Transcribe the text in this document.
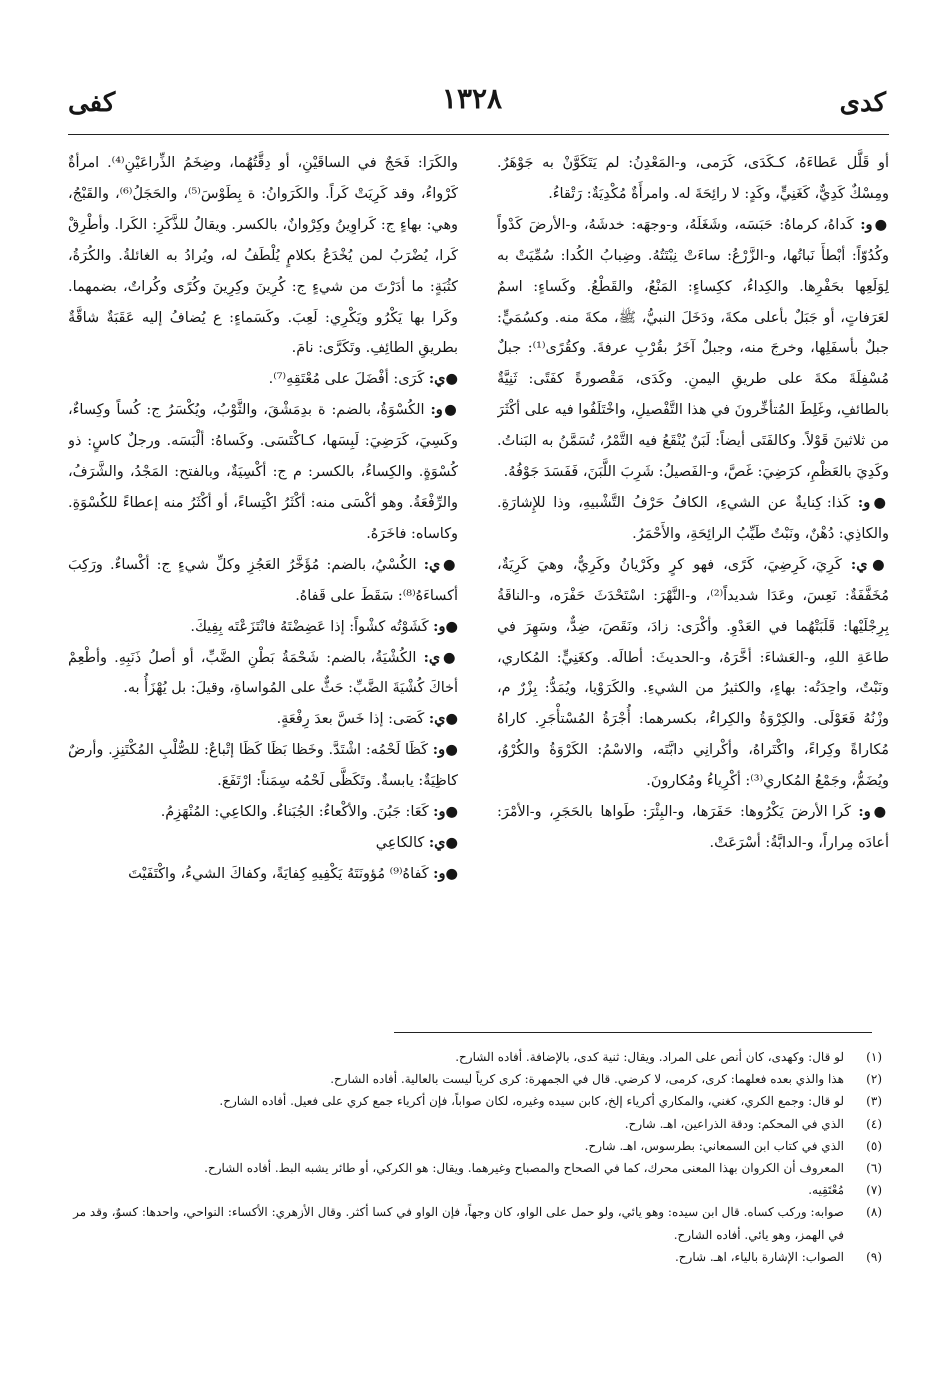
كدى
١٣٢٨
كفى

أو قَلَّل عَطاءَهُ، كـكَدَى، كَرَمى، و-المَعْدِنُ: لم يَتَكَوَّنْ به جَوْهَرٌ. ومِسْكٌ كَدِيٌّ، كَغَنِيٍّ، وكَدٍ: لا رائِحَةَ له. وامرأَةٌ مُكْدِيَةٌ: رَتْقاءُ.

●و: كَداهُ، كرماهُ: حَبَسَه، وشَغَلَهُ، و-وجهَه: خدشَهُ، و-الأرضَ كَدْواً وكُدُوّاً: أبْطأَ نَباتُها، و-الزَّرْعُ: ساءَتْ نِبْتَتُهُ. وضِبابُ الكُدا: سُمِّيَتْ به لِوَلَعِها بحَفْرِها. والكِداءُ، ككِساءٍ: المَنْعُ، والقَطْعُ. وكَساءٍ: اسمٌ لعَرَفاتٍ، أو جَبَلٌ بأعلى مكةَ، ودَخَلَ النبيُّ، ﷺ، مكةَ منه. وكسُمَيٍّ: جبلٌ بأسفَلِها، وخرجَ منه، وجبلٌ آخَرُ بقُرْبِ عرفةَ. وكقُرًى⁽¹⁾: جبلٌ مُسْفِلَةَ مكةَ على طريقِ اليمنِ. وكَدَى، مَقْصورةً كفَتًى: ثَنِيَّةٌ بالطائفِ، وغَلِطَ المُتأخِّرونَ في هذا التَّفْصيلِ، واخْتَلَفُوا فيه على أكْثَرَ من ثلاثينَ قَوْلاً. وكالفَتَى أيضاً: لَبَنٌ يُنْقَعُ فيه التَّمْرُ، تُسَمَّنُ به البَناتُ. وكَدِيَ بالعَظْمِ، كرَضِيَ: غَصَّ، و-الفَصيلُ: شَرِبَ اللَّبَنَ، فَفَسَدَ جَوْفُهُ.

●و: كَذا: كِنايةٌ عن الشيءِ، الكافُ حَرْفُ التَّشْبيهِ، وذا للإِشارَةِ. والكاذِي: دُهْنٌ، ونَبْتٌ طَيِّبُ الرائِحَةِ، والأَحْمَرُ.

●ي: كَرِيَ، كَرِضِيَ، كَرًى، فهو كرٍ وكَرْيانُ وكَرِيٌّ، وهيَ كَرِيَةٌ، مُخَفَّفَةٌ: نَعِسَ، وعَدَا شديداً⁽²⁾، و-النَّهْرَ: اسْتَحْدَثَ حَفْرَه، و-الناقَةُ بِرِجْلَيْها: قَلَبَتْهُما في العَدْوِ. وأكْرَى: زادَ، ونَقَصَ، ضِدٌّ، وسَهِرَ في طاعَةِ اللهِ، و-العَشاءَ: أخَّرَهُ، و-الحديثَ: أطالَه. وكغَنِيٍّ: المُكاري، ونَبْتٌ، واحِدَتُه: بهاءٍ، والكثيرُ من الشيءِ. والكَرَوْيا، ويُمَدُّ: بِزْرٌ م، وزْنُهُ فَعَوْلَى. والكِرْوَةُ والكِراءُ، بكسرهما: أُجْرَةُ المُسْتأْجَرِ. كاراهُ مُكاراةً وكِراءً، واكْتَراهُ، وأكْرانِي دابَّتَه، والاسْمُ: الكَرْوَةُ والكُرْوُ، ويُضَمُّ، وجَمْعُ المُكاري⁽³⁾: أكْرِياءُ ومُكارونَ.

●و: كَرا الأرضَ يَكْرُوها: حَفَرَها، و-البِئْرَ: طَواها بالحَجَرِ، و-الأمْرَ: أعادَه مِراراً، و-الدابَّةُ: أسْرَعَتْ.

والكَرَا: فَحَجٌ في الساقَيْنِ، أو دِقَّتُهُما، وضِخَمُ الذِّراعَيْنِ⁽⁴⁾. امرأةٌ كَرْواءُ، وقد كَرِيَتْ كَراً. والكَرَوانُ: ة بِطَوْسَ⁽⁵⁾، والحَجَلُ⁽⁶⁾، والقَبْجُ، وهي: بهاءٍ ج: كَراوِينُ وكِرْوانٌ، بالكسر. ويقالُ للذَّكَرِ: الكَرا. وأطْرِقْ كَرا، يُضْرَبُ لمن يُخْدَعُ بكلامٍ يُلْطَفُ له، ويُرادُ به الغائلةُ. والكُرَةُ، كثُبَةٍ: ما أدَرْتَ من شيءٍ ج: كُرِينَ وكِرِينَ وكُرًى وكُراتٌ، بضمهما. وكَرا بها يَكْرُو ويَكْرِي: لَعِبَ. وكَسَماءٍ: ع يُضافُ إليه عَقَبَةٌ شاقَّةٌ بطريقِ الطائِفِ. وتَكَرَّى: نامَ.

●ي: كَرَى: أفْضَلَ على مُعْتَقِهِ⁽⁷⁾.

●و: الكُسْوَةُ، بالضم: ة بدِمَشْقَ، والثَّوْبُ، ويُكْسَرُ ج: كُساً وكِساءٌ، وكَسِيَ، كَرَضِيَ: لَبِسَها، كـاكْتَسَى. وكَساهُ: ألْبَسَه. ورجلٌ كاسٍ: ذو كُسْوَةٍ. والكِساءُ، بالكسر: م ج: أكْسِيَةٌ، وبالفتح: المَجْدُ، والشَّرَفُ، والرِّفْعَةُ. وهو أكْسَى منه: أكْثَرُ اكْتِساءً، أو أكْثَرُ منه إعطاءً للكُسْوَةِ. وكاساه: فاخَرَهُ.

●ي: الكُسْيُ، بالضم: مُؤَخَّرُ العَجُزِ وكلِّ شيءٍ ج: أكْساءٌ. ورَكِبَ أكساءَهُ⁽⁸⁾: سَقَطَ على قَفاهُ.

●و: كَشَوْتُه كشْواً: إذا عَضِضْتَهُ فانْتَزَعْتَه بِفِيكَ.

●ي: الكُشْيَةُ، بالضم: شَحْمَةُ بَطْنِ الضَّبِّ، أو أصلُ ذَنَبِهِ. وأطْعِمْ أخاكَ كُشْيَةَ الضَّبِّ: حَثٌّ على المُواساةِ، وقيلَ: بل يُهْزَأُ به.

●ي: كَصَى: إذا خَسَّ بعدَ رِفْعَةٍ.

●و: كَظَا لَحْمُه: اشْتَدَّ. وخَظا بَظَا كَظَا إتْباعٌ: للصُّلْبِ المُكْتَنِزِ. وأرضٌ كاظِيَةٌ: يابسةٌ. وتَكَظَّى لَحْمُه سِمَناً: ارْتَفَعَ.

●و: كَعَا: جَبُنَ. والأكْعاءُ: الجُبَناءُ. والكاعِي: المُنْهَزِمُ.

●ي: كالكاعِي

●و: كَفاهُ⁽⁹⁾ مُؤونَتَهُ يَكْفِيهِ كِفايَةً، وكفاكَ الشيءُ، واكْتَفَيْتَ

(١)
لو قال: وكهدى، كان أنص على المراد. ويقال: ثنية كدى، بالإضافة. أفاده الشارح.
(٢)
هذا والذي بعده فعلهما: كرى، كرمى، لا كرضي. قال في الجمهرة: كرى كرياً ليست بالعالية. أفاده الشارح.
(٣)
لو قال: وجمع الكري، كغني، والمكاري أكرياء إلخ، كابن سيده وغيره، لكان صواباً، فإن أكرياء جمع كري على فعيل. أفاده الشارح.
(٤)
الذي في المحكم: ودقة الذراعين، اهـ. شارح.
(٥)
الذي في كتاب ابن السمعاني: بطرسوس، اهـ. شارح.
(٦)
المعروف أن الكروان بهذا المعنى محرك، كما في الصحاح والمصباح وغيرهما. ويقال: هو الكركي، أو طائر يشبه البط. أفاده الشارح.
(٧)
مُعْتَقِيه.
(٨)
صوابه: وركب كساه. قال ابن سيده: وهو يائي، ولو حمل على الواو، كان وجهاً، فإن الواو في كسا أكثر. وقال الأزهري: الأكساء: النواحي، واحدها: كسوٌ، وقد مر في الهمز، وهو يائي. أفاده الشارح.
(٩)
الصواب: الإشارة بالياء، اهـ. شارح.
